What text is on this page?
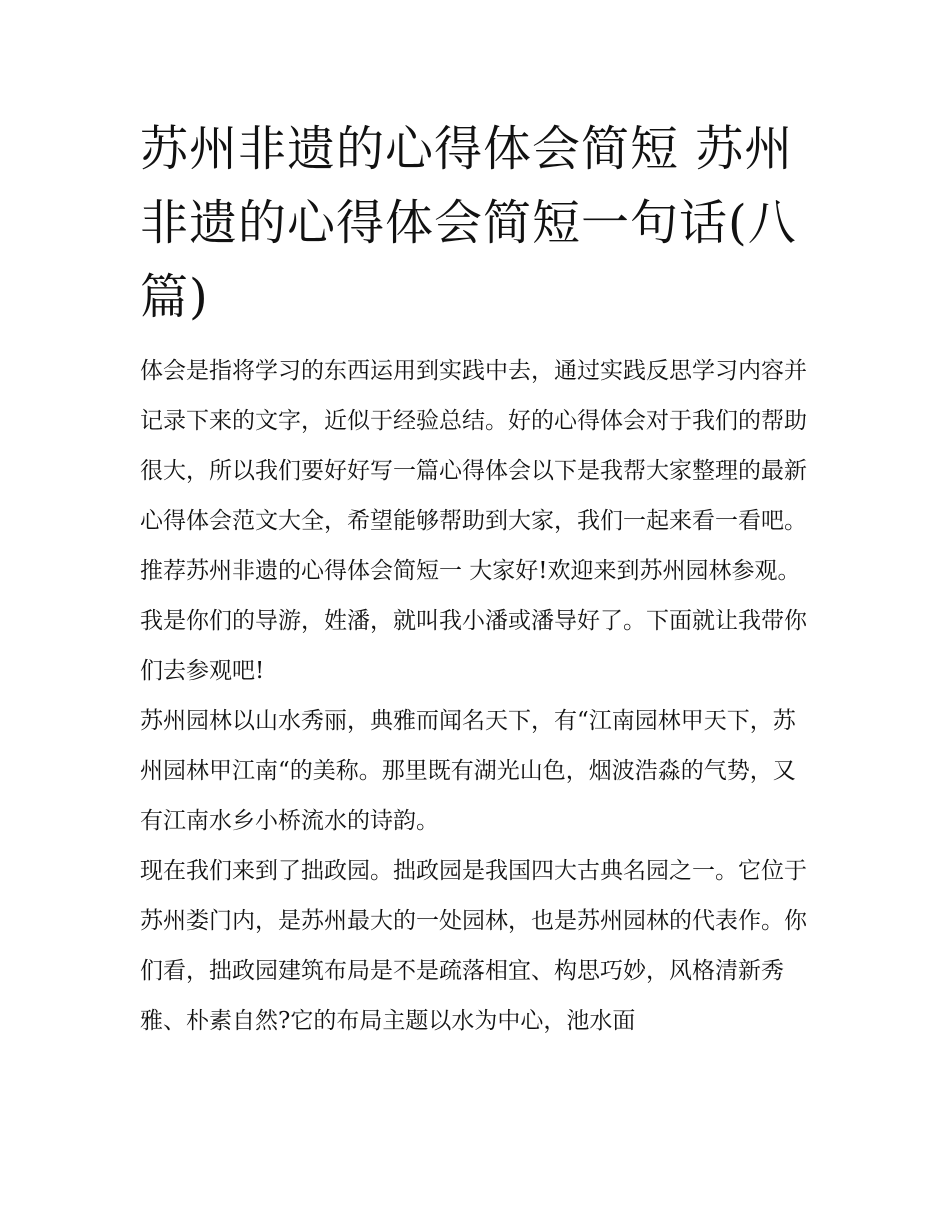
苏州非遗的心得体会简短 苏州非遗的心得体会简短一句话(八篇)

体会是指将学习的东西运用到实践中去，通过实践反思学习内容并记录下来的文字，近似于经验总结。好的心得体会对于我们的帮助很大，所以我们要好好写一篇心得体会以下是我帮大家整理的最新心得体会范文大全，希望能够帮助到大家，我们一起来看一看吧。

推荐苏州非遗的心得体会简短一 大家好!欢迎来到苏州园林参观。我是你们的导游，姓潘，就叫我小潘或潘导好了。下面就让我带你们去参观吧!

苏州园林以山水秀丽，典雅而闻名天下，有“江南园林甲天下，苏州园林甲江南“的美称。那里既有湖光山色，烟波浩淼的气势，又有江南水乡小桥流水的诗韵。

现在我们来到了拙政园。拙政园是我国四大古典名园之一。它位于苏州娄门内，是苏州最大的一处园林，也是苏州园林的代表作。你们看，拙政园建筑布局是不是疏落相宜、构思巧妙，风格清新秀雅、朴素自然?它的布局主题以水为中心，池水面
